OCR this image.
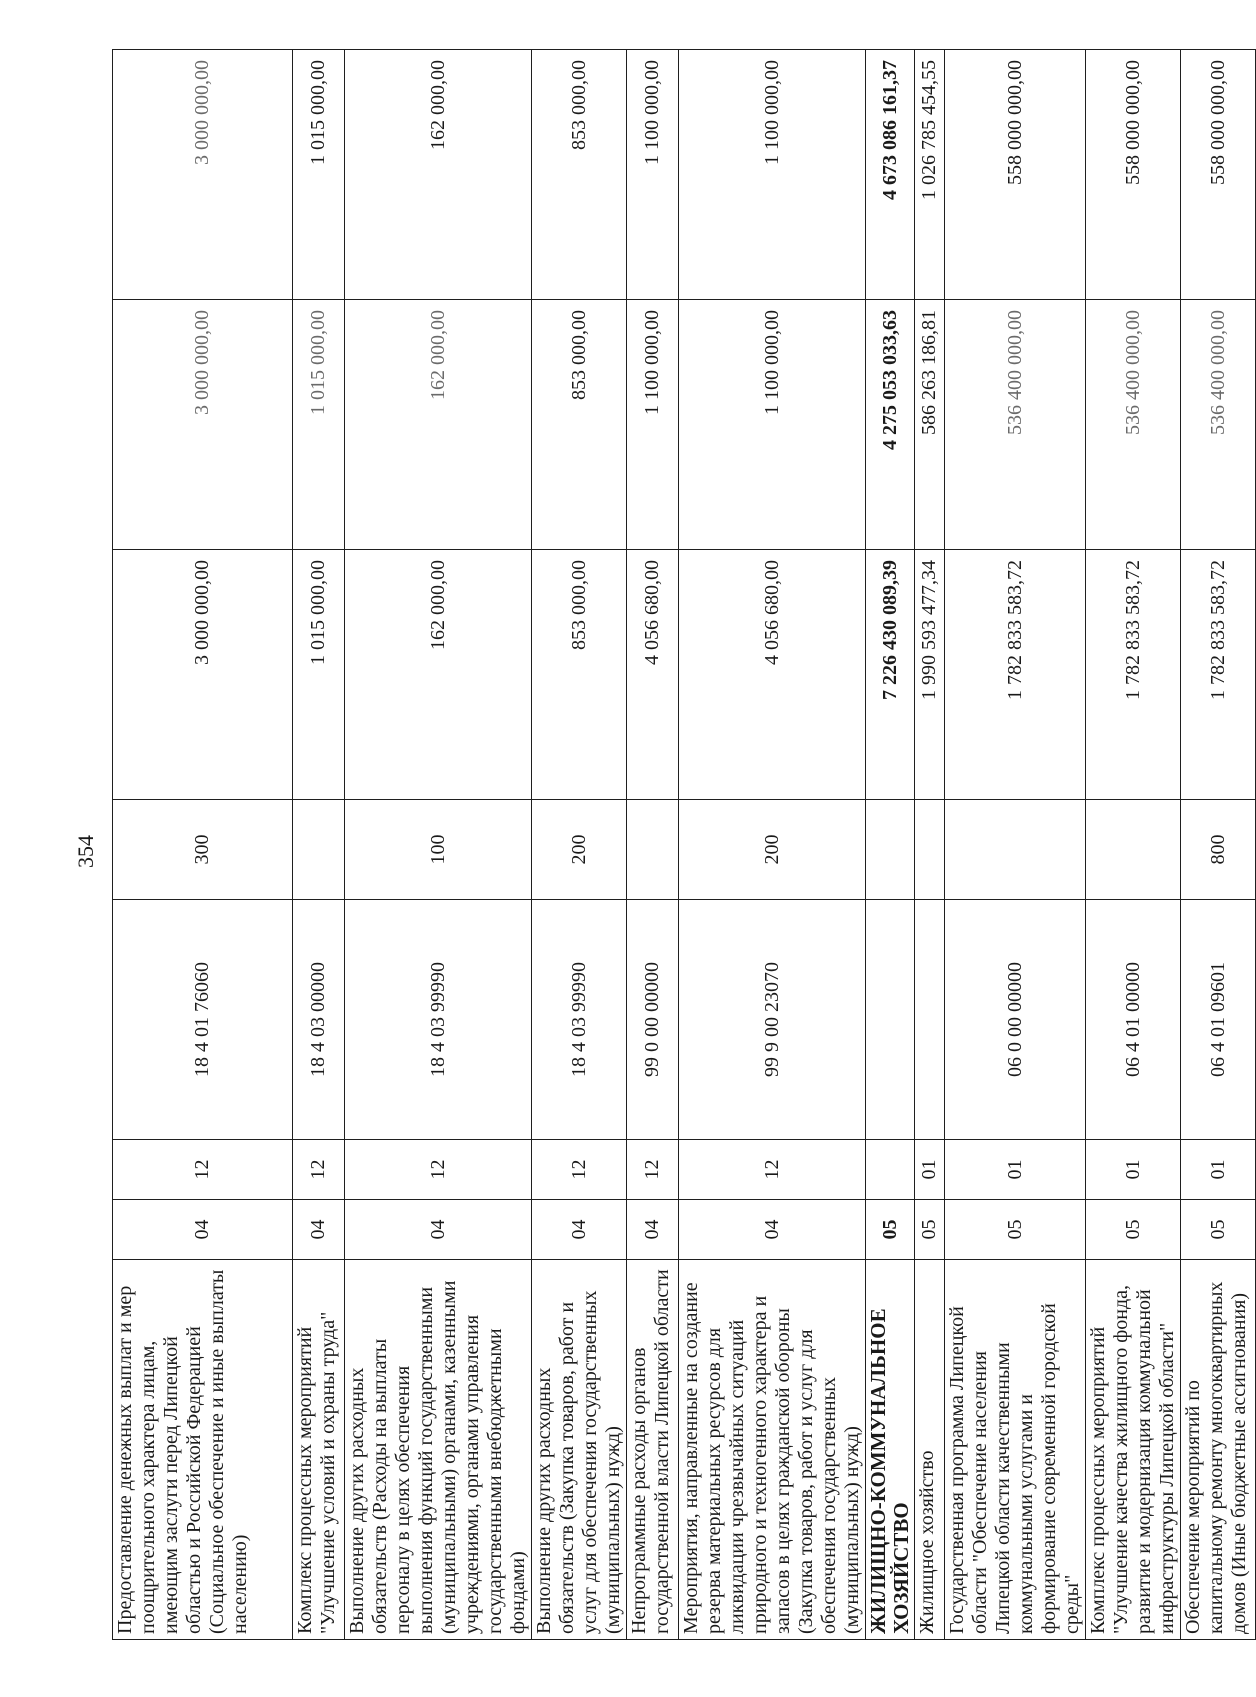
354
Предоставление денежных выплат и мер поощрительного характера лицам, имеющим заслуги перед Липецкой областью и Российской Федерацией (Социальное обеспечение и иные выплаты населению)	04	12	18 4 01 76060	300	3 000 000,00	3 000 000,00	3 000 000,00
Комплекс процессных мероприятий "Улучшение условий и охраны труда"	04	12	18 4 03 00000		1 015 000,00	1 015 000,00	1 015 000,00
Выполнение других расходных обязательств (Расходы на выплаты персоналу в целях обеспечения выполнения функций государственными (муниципальными) органами, казенными учреждениями, органами управления государственными внебюджетными фондами)	04	12	18 4 03 99990	100	162 000,00	162 000,00	162 000,00
Выполнение других расходных обязательств (Закупка товаров, работ и услуг для обеспечения государственных (муниципальных) нужд)	04	12	18 4 03 99990	200	853 000,00	853 000,00	853 000,00
Непрограммные расходы органов государственной власти Липецкой области	04	12	99 0 00 00000		4 056 680,00	1 100 000,00	1 100 000,00
Мероприятия, направленные на создание резерва материальных ресурсов для ликвидации чрезвычайных ситуаций природного и техногенного характера и запасов в целях гражданской обороны (Закупка товаров, работ и услуг для обеспечения государственных (муниципальных) нужд)	04	12	99 9 00 23070	200	4 056 680,00	1 100 000,00	1 100 000,00
ЖИЛИЩНО-КОММУНАЛЬНОЕ ХОЗЯЙСТВО	05				7 226 430 089,39	4 275 053 033,63	4 673 086 161,37
Жилищное хозяйство	05	01			1 990 593 477,34	586 263 186,81	1 026 785 454,55
Государственная программа Липецкой области "Обеспечение населения Липецкой области качественными коммунальными услугами и формирование современной городской среды"	05	01	06 0 00 00000		1 782 833 583,72	536 400 000,00	558 000 000,00
Комплекс процессных мероприятий "Улучшение качества жилищного фонда, развитие и модернизация коммунальной инфраструктуры Липецкой области"	05	01	06 4 01 00000		1 782 833 583,72	536 400 000,00	558 000 000,00
Обеспечение мероприятий по капитальному ремонту многоквартирных домов (Иные бюджетные ассигнования)	05	01	06 4 01 09601	800	1 782 833 583,72	536 400 000,00	558 000 000,00
